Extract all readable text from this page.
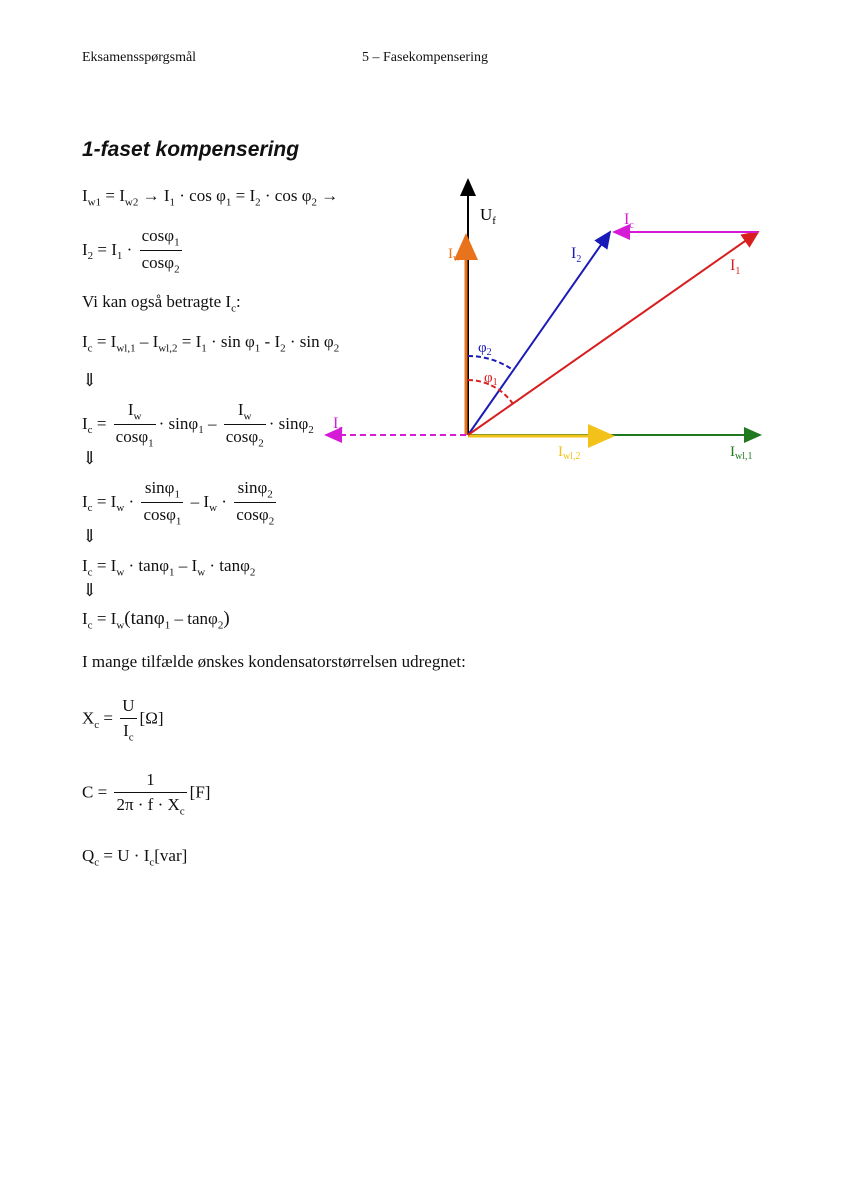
Eksamensspørgsmål	5 – Fasekompensering
1-faset kompensering
$I_{w1} = I_{w2} \to I_1 \cdot \cos \varphi_1 = I_2 \cdot \cos \varphi_2$ →
$I_2 = I_1 \cdot \frac{\cos\varphi_1}{\cos\varphi_2}$
Vi kan også betragte $I_c$:
$I_c = I_{wl,1} - I_{wl,2} = I_1 \cdot \sin \varphi_1 - I_2 \cdot \sin \varphi_2$
⇓
$I_c = \frac{I_w}{\cos\varphi_1} \cdot \sin\varphi_1 - \frac{I_w}{\cos\varphi_2} \cdot \sin\varphi_2$
⇓
$I_c = I_w \cdot \frac{\sin\varphi_1}{\cos\varphi_1} - I_w \cdot \frac{\sin\varphi_2}{\cos\varphi_2}$
⇓
$I_c = I_w \cdot \tan\varphi_1 - I_w \cdot \tan\varphi_2$
⇓
$I_c = I_w(\tan\varphi_1 - \tan\varphi_2)$
I mange tilfælde ønskes kondensatorstørrelsen udregnet:
$X_c = \frac{U}{I_c} [\Omega]$
$C = \frac{1}{2\pi \cdot f \cdot X_c} [F]$
$Q_c = U \cdot I_c[var]$
$U_f$
$I_w$	$I_2$
$I_c$
$I_1$
$\varphi_2$
$\varphi_1$
$I_c$
$I_{wl,2}$	$I_{wl,1}$
